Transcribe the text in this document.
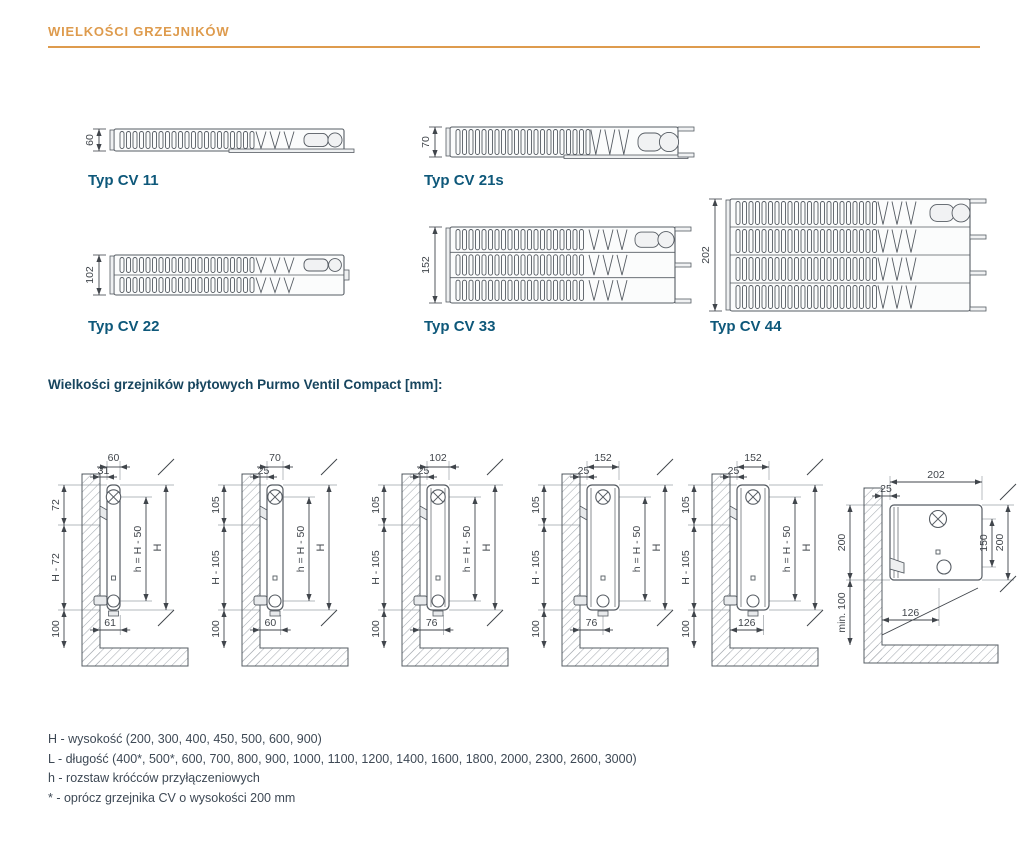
WIELKOŚCI GRZEJNIKÓW
60	70
102
152
202
Typ CV 11	Typ CV 21s
Typ CV 22	Typ CV 33	Typ CV 44
Wielkości grzejników płytowych Purmo Ventil Compact [mm]:
60
31
72
H - 72
100
h = H - 50 H
61
70
25
105
H - 105
100
h = H - 50 H
60
102
25
105
H - 105
100
h = H - 50 H
76
152
25
105
H - 105
100
h = H - 50 H
76
152
25
105
H - 105
100
h = H - 50 H
126
202
25
200
min. 100
150 200
126
H - wysokość (200, 300, 400, 450, 500, 600, 900)
L - długość (400*, 500*, 600, 700, 800, 900, 1000, 1100, 1200, 1400, 1600, 1800, 2000, 2300, 2600, 3000)
h - rozstaw króćców przyłączeniowych
* - oprócz grzejnika CV o wysokości 200 mm
